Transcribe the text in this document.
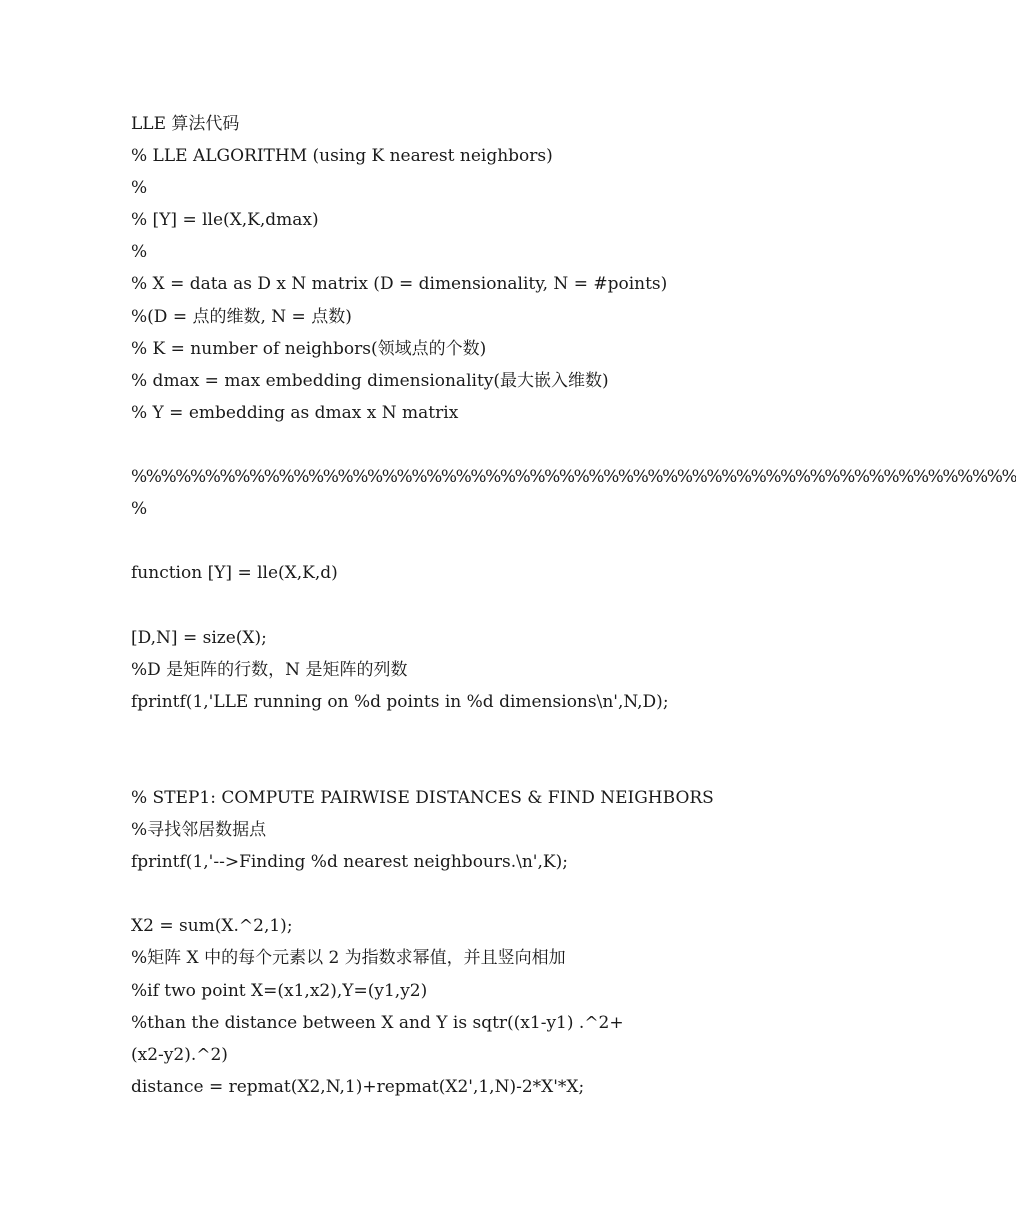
LLE 算法代码
% LLE ALGORITHM (using K nearest neighbors)
%
% [Y] = lle(X,K,dmax)
%
% X = data as D x N matrix (D = dimensionality, N = #points)
%(D = 点的维数, N = 点数)
% K = number of neighbors(领域点的个数)
% dmax = max embedding dimensionality(最大嵌入维数)
% Y = embedding as dmax x N matrix
%%%%%%%%%%%%%%%%%%%%%%%%%%%%%%%%%%%%%%%%%%%%%%%%%%%%%%%%%%%%
%
function [Y] = lle(X,K,d)
[D,N] = size(X);
%D 是矩阵的行数，N 是矩阵的列数
fprintf(1,'LLE running on %d points in %d dimensions\n',N,D);
% STEP1: COMPUTE PAIRWISE DISTANCES & FIND NEIGHBORS
%寻找邻居数据点
fprintf(1,'-->Finding %d nearest neighbours.\n',K);
X2 = sum(X.^2,1);
%矩阵 X 中的每个元素以 2 为指数求幂值，并且竖向相加
%if two point X=(x1,x2),Y=(y1,y2)
%than the distance between X and Y is sqtr((x1-y1) .^2+
(x2-y2).^2)
distance = repmat(X2,N,1)+repmat(X2',1,N)-2*X'*X;
